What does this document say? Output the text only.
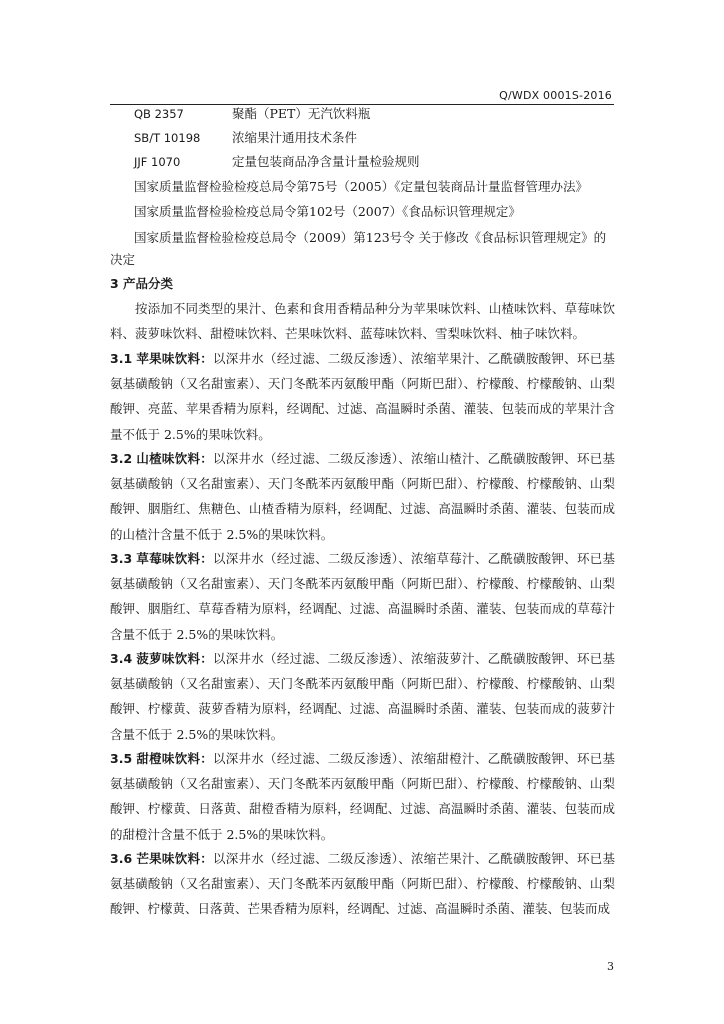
Q/WDX 0001S-2016
QB 2357	聚酯（PET）无汽饮料瓶
SB/T 10198	浓缩果汁通用技术条件
JJF 1070	定量包装商品净含量计量检验规则
国家质量监督检验检疫总局令第75号（2005）《定量包装商品计量监督管理办法》
国家质量监督检验检疫总局令第102号（2007）《食品标识管理规定》
国家质量监督检验检疫总局令（2009）第123号令 关于修改《食品标识管理规定》的
决定
3 产品分类
按添加不同类型的果汁、色素和食用香精品种分为苹果味饮料、山楂味饮料、草莓味饮料、菠萝味饮料、甜橙味饮料、芒果味饮料、蓝莓味饮料、雪梨味饮料、柚子味饮料。
3.1 苹果味饮料：以深井水（经过滤、二级反渗透）、浓缩苹果汁、乙酰磺胺酸钾、环已基氨基磺酸钠（又名甜蜜素）、天门冬酰苯丙氨酸甲酯（阿斯巴甜）、柠檬酸、柠檬酸钠、山梨酸钾、亮蓝、苹果香精为原料，经调配、过滤、高温瞬时杀菌、灌装、包装而成的苹果汁含量不低于 2.5%的果味饮料。
3.2 山楂味饮料：以深井水（经过滤、二级反渗透）、浓缩山楂汁、乙酰磺胺酸钾、环已基氨基磺酸钠（又名甜蜜素）、天门冬酰苯丙氨酸甲酯（阿斯巴甜）、柠檬酸、柠檬酸钠、山梨酸钾、胭脂红、焦糖色、山楂香精为原料，经调配、过滤、高温瞬时杀菌、灌装、包装而成的山楂汁含量不低于 2.5%的果味饮料。
3.3 草莓味饮料：以深井水（经过滤、二级反渗透）、浓缩草莓汁、乙酰磺胺酸钾、环已基氨基磺酸钠（又名甜蜜素）、天门冬酰苯丙氨酸甲酯（阿斯巴甜）、柠檬酸、柠檬酸钠、山梨酸钾、胭脂红、草莓香精为原料，经调配、过滤、高温瞬时杀菌、灌装、包装而成的草莓汁含量不低于 2.5%的果味饮料。
3.4 菠萝味饮料：以深井水（经过滤、二级反渗透）、浓缩菠萝汁、乙酰磺胺酸钾、环已基氨基磺酸钠（又名甜蜜素）、天门冬酰苯丙氨酸甲酯（阿斯巴甜）、柠檬酸、柠檬酸钠、山梨酸钾、柠檬黄、菠萝香精为原料，经调配、过滤、高温瞬时杀菌、灌装、包装而成的菠萝汁含量不低于 2.5%的果味饮料。
3.5 甜橙味饮料：以深井水（经过滤、二级反渗透）、浓缩甜橙汁、乙酰磺胺酸钾、环已基氨基磺酸钠（又名甜蜜素）、天门冬酰苯丙氨酸甲酯（阿斯巴甜）、柠檬酸、柠檬酸钠、山梨酸钾、柠檬黄、日落黄、甜橙香精为原料，经调配、过滤、高温瞬时杀菌、灌装、包装而成的甜橙汁含量不低于 2.5%的果味饮料。
3.6 芒果味饮料：以深井水（经过滤、二级反渗透）、浓缩芒果汁、乙酰磺胺酸钾、环已基氨基磺酸钠（又名甜蜜素）、天门冬酰苯丙氨酸甲酯（阿斯巴甜）、柠檬酸、柠檬酸钠、山梨酸钾、柠檬黄、日落黄、芒果香精为原料，经调配、过滤、高温瞬时杀菌、灌装、包装而成
3
